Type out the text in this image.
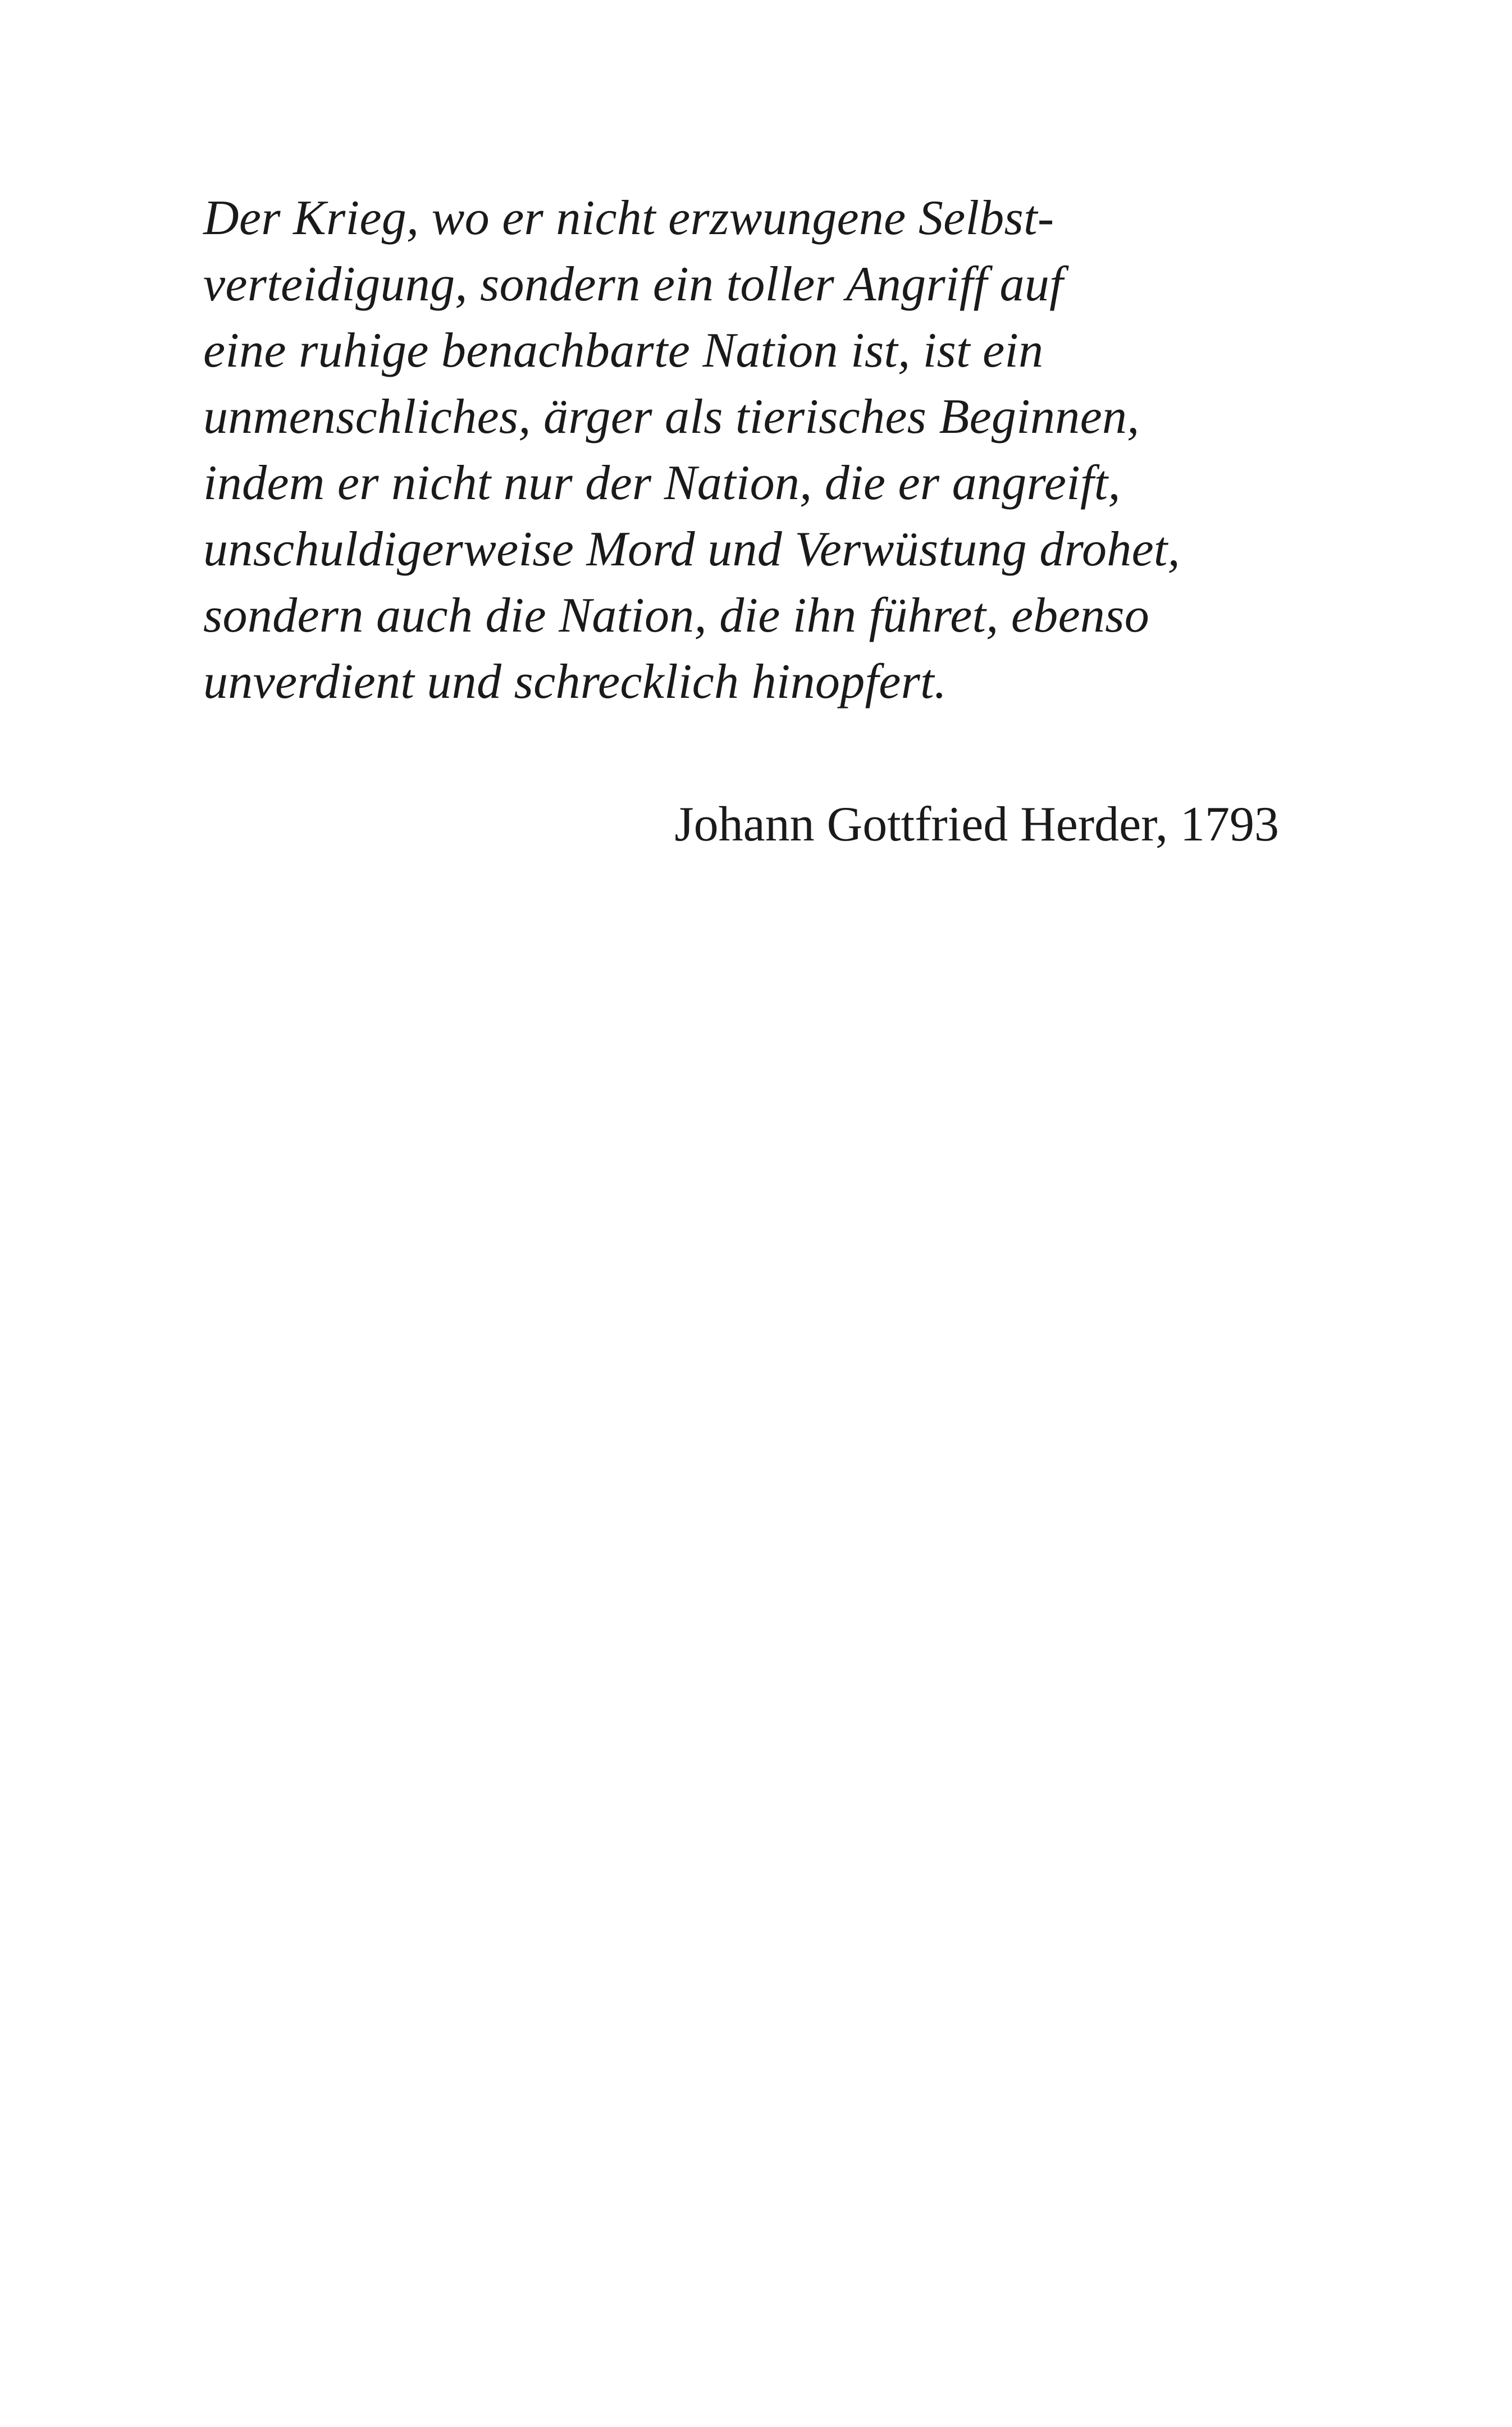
Der Krieg, wo er nicht erzwungene Selbst-
verteidigung, sondern ein toller Angriff auf
eine ruhige benachbarte Nation ist, ist ein
unmenschliches, ärger als tierisches Beginnen,
indem er nicht nur der Nation, die er angreift,
unschuldigerweise Mord und Verwüstung drohet,
sondern auch die Nation, die ihn führet, ebenso
unverdient und schrecklich hinopfert.
Johann Gottfried Herder, 1793
